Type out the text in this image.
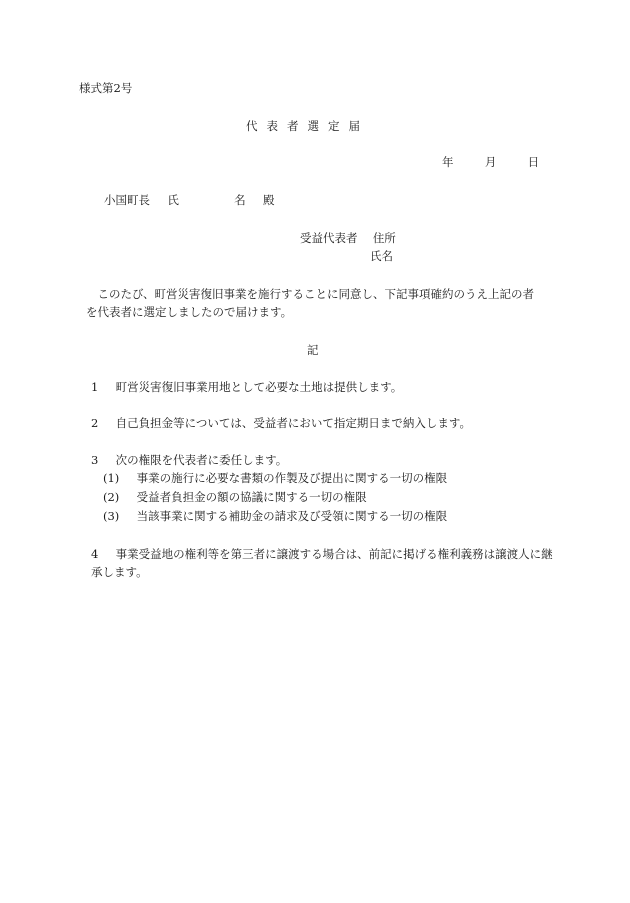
様式第2号
代表者選定届
年	月	日
小国町長 氏	名 殿
受益代表者 住所
氏名
　このたび、町営災害復旧事業を施行することに同意し、下記事項確約のうえ上記の者
を代表者に選定しましたので届けます。
記
1 町営災害復旧事業用地として必要な土地は提供します。
2 自己負担金等については、受益者において指定期日まで納入します。
3 次の権限を代表者に委任します。
(1) 事業の施行に必要な書類の作製及び提出に関する一切の権限
(2) 受益者負担金の額の協議に関する一切の権限
(3) 当該事業に関する補助金の請求及び受領に関する一切の権限
4 事業受益地の権利等を第三者に譲渡する場合は、前記に掲げる権利義務は譲渡人に継
承します。
